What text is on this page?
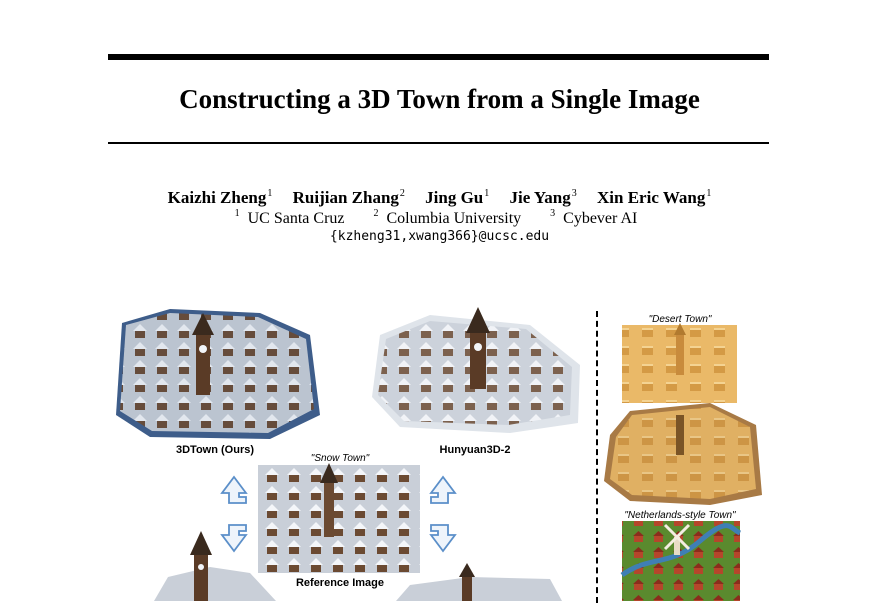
Constructing a 3D Town from a Single Image
Kaizhi Zheng$^1$ Ruijian Zhang$^2$ Jing Gu$^1$ Jie Yang$^3$ Xin Eric Wang$^1$
$^1$ UC Santa Cruz	$^2$ Columbia University	$^3$ Cybever AI
{kzheng31,xwang366}@ucsc.edu
3DTown (Ours)	Hunyuan3D-2
"Snow Town"
Reference Image
"Desert Town"
"Netherlands-style Town"
